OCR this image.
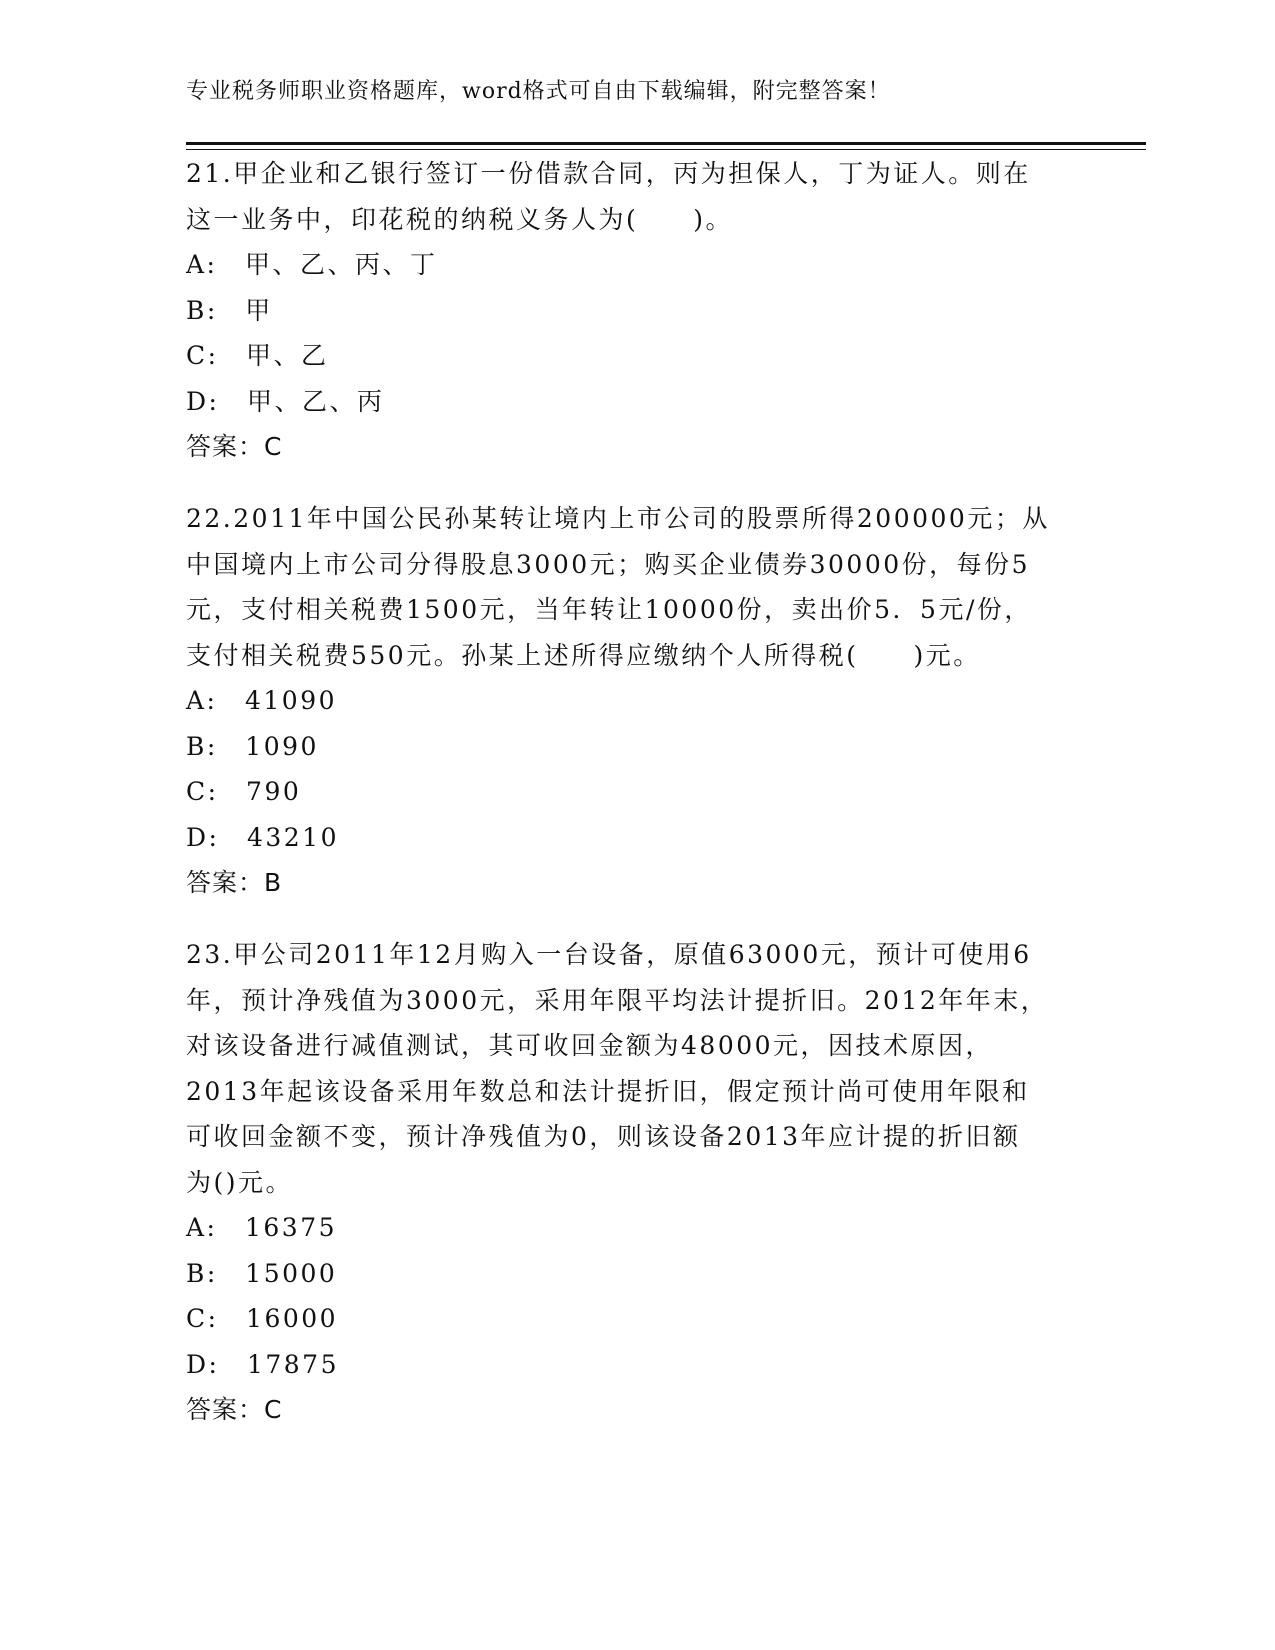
专业税务师职业资格题库，word格式可自由下载编辑，附完整答案！

21.甲企业和乙银行签订一份借款合同，丙为担保人，丁为证人。则在

这一业务中，印花税的纳税义务人为(　　)。

A:　甲、乙、丙、丁

B:　甲

C:　甲、乙

D:　甲、乙、丙

答案：C

22.2011年中国公民孙某转让境内上市公司的股票所得200000元；从

中国境内上市公司分得股息3000元；购买企业债券30000份，每份5

元，支付相关税费1500元，当年转让10000份，卖出价5．5元/份，

支付相关税费550元。孙某上述所得应缴纳个人所得税(　　)元。

A:　41090

B:　1090

C:　790

D:　43210

答案：B

23.甲公司2011年12月购入一台设备，原值63000元，预计可使用6

年，预计净残值为3000元，采用年限平均法计提折旧。2012年年末，

对该设备进行减值测试，其可收回金额为48000元，因技术原因，

2013年起该设备采用年数总和法计提折旧，假定预计尚可使用年限和

可收回金额不变，预计净残值为0，则该设备2013年应计提的折旧额

为()元。

A:　16375

B:　15000

C:　16000

D:　17875

答案：C
